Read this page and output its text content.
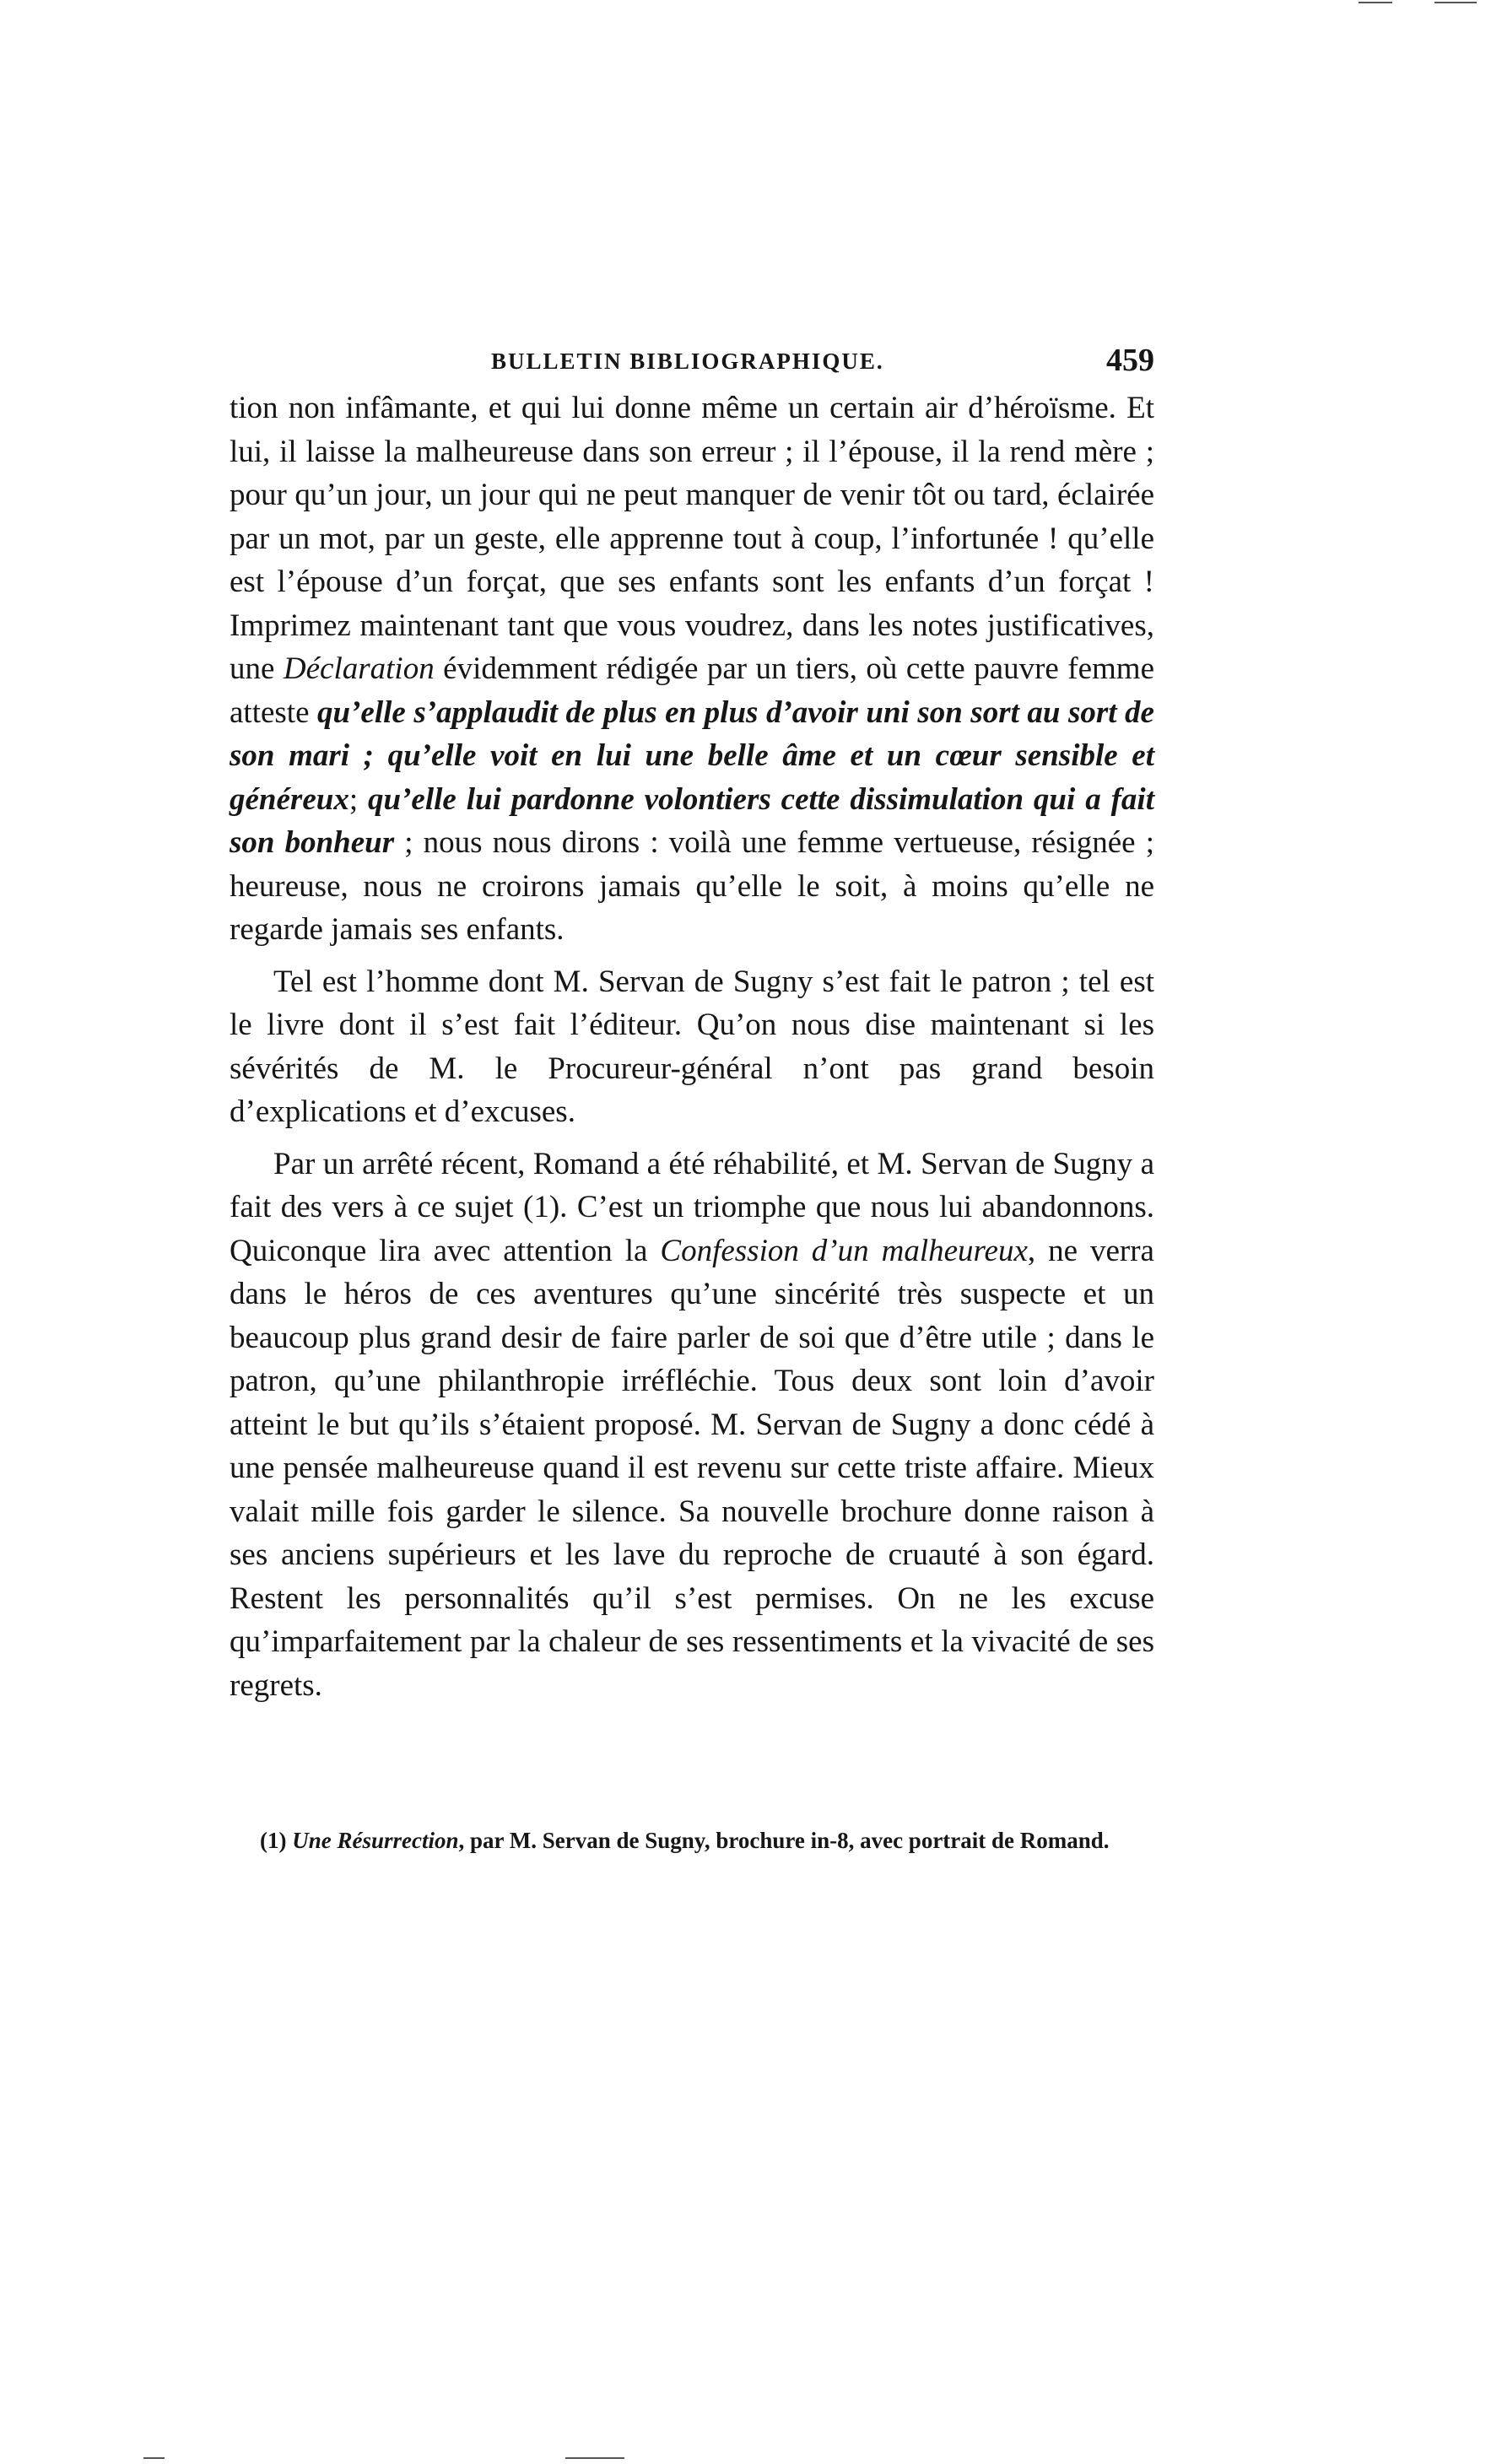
BULLETIN BIBLIOGRAPHIQUE.	459

tion non infâmante, et qui lui donne même un certain air d’héroïsme. Et lui, il laisse la malheureuse dans son erreur ; il l’épouse, il la rend mère ; pour qu’un jour, un jour qui ne peut manquer de venir tôt ou tard, éclairée par un mot, par un geste, elle apprenne tout à coup, l’infortunée ! qu’elle est l’épouse d’un forçat, que ses enfants sont les enfants d’un forçat ! Imprimez maintenant tant que vous voudrez, dans les notes justificatives, une Déclaration évidemment rédigée par un tiers, où cette pauvre femme atteste qu’elle s’applaudit de plus en plus d’avoir uni son sort au sort de son mari ; qu’elle voit en lui une belle âme et un cœur sensible et généreux; qu’elle lui pardonne volontiers cette dissimulation qui a fait son bonheur ; nous nous dirons : voilà une femme vertueuse, résignée ; heureuse, nous ne croirons jamais qu’elle le soit, à moins qu’elle ne regarde jamais ses enfants.

Tel est l’homme dont M. Servan de Sugny s’est fait le patron ; tel est le livre dont il s’est fait l’éditeur. Qu’on nous dise maintenant si les sévérités de M. le Procureur-général n’ont pas grand besoin d’explications et d’excuses.

Par un arrêté récent, Romand a été réhabilité, et M. Servan de Sugny a fait des vers à ce sujet (1). C’est un triomphe que nous lui abandonnons. Quiconque lira avec attention la Confession d’un malheureux, ne verra dans le héros de ces aventures qu’une sincérité très suspecte et un beaucoup plus grand desir de faire parler de soi que d’être utile ; dans le patron, qu’une philanthropie irréfléchie. Tous deux sont loin d’avoir atteint le but qu’ils s’étaient proposé. M. Servan de Sugny a donc cédé à une pensée malheureuse quand il est revenu sur cette triste affaire. Mieux valait mille fois garder le silence. Sa nouvelle brochure donne raison à ses anciens supérieurs et les lave du reproche de cruauté à son égard. Restent les personnalités qu’il s’est permises. On ne les excuse qu’imparfaitement par la chaleur de ses ressentiments et la vivacité de ses regrets.

(1) Une Résurrection, par M. Servan de Sugny, brochure in-8, avec portrait de Romand.
